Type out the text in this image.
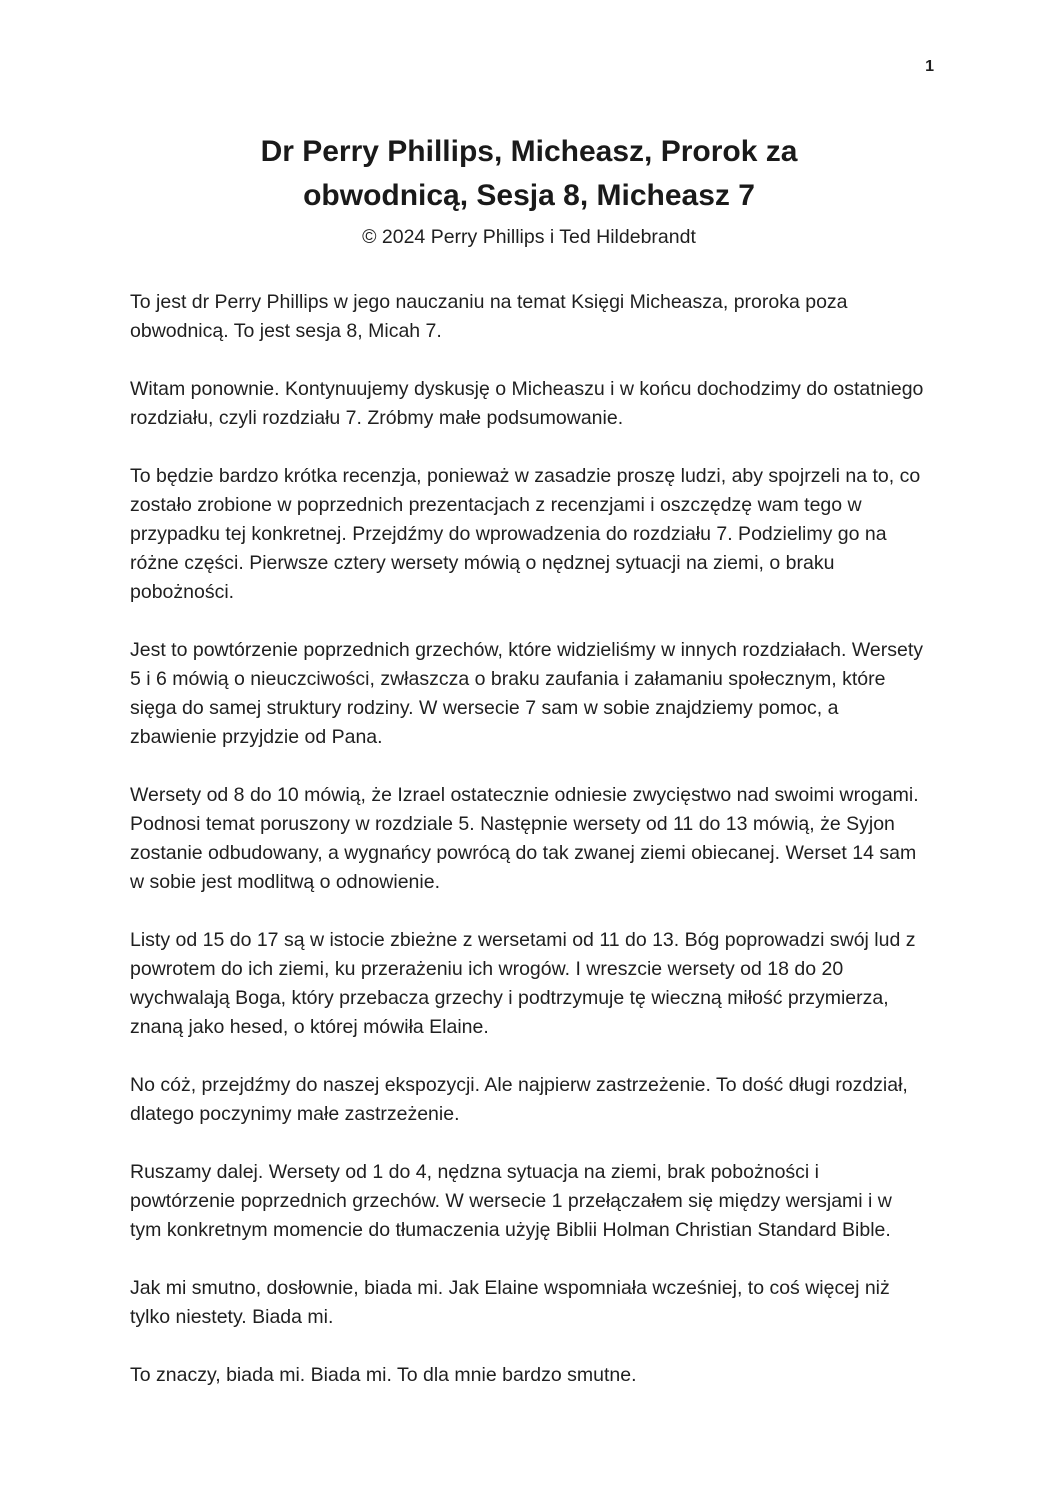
1
Dr Perry Phillips, Micheasz, Prorok za
obwodnicą, Sesja 8, Micheasz 7
© 2024 Perry Phillips i Ted Hildebrandt

To jest dr Perry Phillips w jego nauczaniu na temat Księgi Micheasza, proroka poza obwodnicą. To jest sesja 8, Micah 7.

Witam ponownie. Kontynuujemy dyskusję o Micheaszu i w końcu dochodzimy do ostatniego rozdziału, czyli rozdziału 7. Zróbmy małe podsumowanie.

To będzie bardzo krótka recenzja, ponieważ w zasadzie proszę ludzi, aby spojrzeli na to, co zostało zrobione w poprzednich prezentacjach z recenzjami i oszczędzę wam tego w przypadku tej konkretnej. Przejdźmy do wprowadzenia do rozdziału 7. Podzielimy go na różne części. Pierwsze cztery wersety mówią o nędznej sytuacji na ziemi, o braku pobożności.

Jest to powtórzenie poprzednich grzechów, które widzieliśmy w innych rozdziałach. Wersety 5 i 6 mówią o nieuczciwości, zwłaszcza o braku zaufania i załamaniu społecznym, które sięga do samej struktury rodziny. W wersecie 7 sam w sobie znajdziemy pomoc, a zbawienie przyjdzie od Pana.

Wersety od 8 do 10 mówią, że Izrael ostatecznie odniesie zwycięstwo nad swoimi wrogami. Podnosi temat poruszony w rozdziale 5. Następnie wersety od 11 do 13 mówią, że Syjon zostanie odbudowany, a wygnańcy powrócą do tak zwanej ziemi obiecanej. Werset 14 sam w sobie jest modlitwą o odnowienie.

Listy od 15 do 17 są w istocie zbieżne z wersetami od 11 do 13. Bóg poprowadzi swój lud z powrotem do ich ziemi, ku przerażeniu ich wrogów. I wreszcie wersety od 18 do 20 wychwalają Boga, który przebacza grzechy i podtrzymuje tę wieczną miłość przymierza, znaną jako hesed, o której mówiła Elaine.

No cóż, przejdźmy do naszej ekspozycji. Ale najpierw zastrzeżenie. To dość długi rozdział, dlatego poczynimy małe zastrzeżenie.

Ruszamy dalej. Wersety od 1 do 4, nędzna sytuacja na ziemi, brak pobożności i powtórzenie poprzednich grzechów. W wersecie 1 przełączałem się między wersjami i w tym konkretnym momencie do tłumaczenia użyję Biblii Holman Christian Standard Bible.

Jak mi smutno, dosłownie, biada mi. Jak Elaine wspomniała wcześniej, to coś więcej niż tylko niestety. Biada mi.

To znaczy, biada mi. Biada mi. To dla mnie bardzo smutne.
